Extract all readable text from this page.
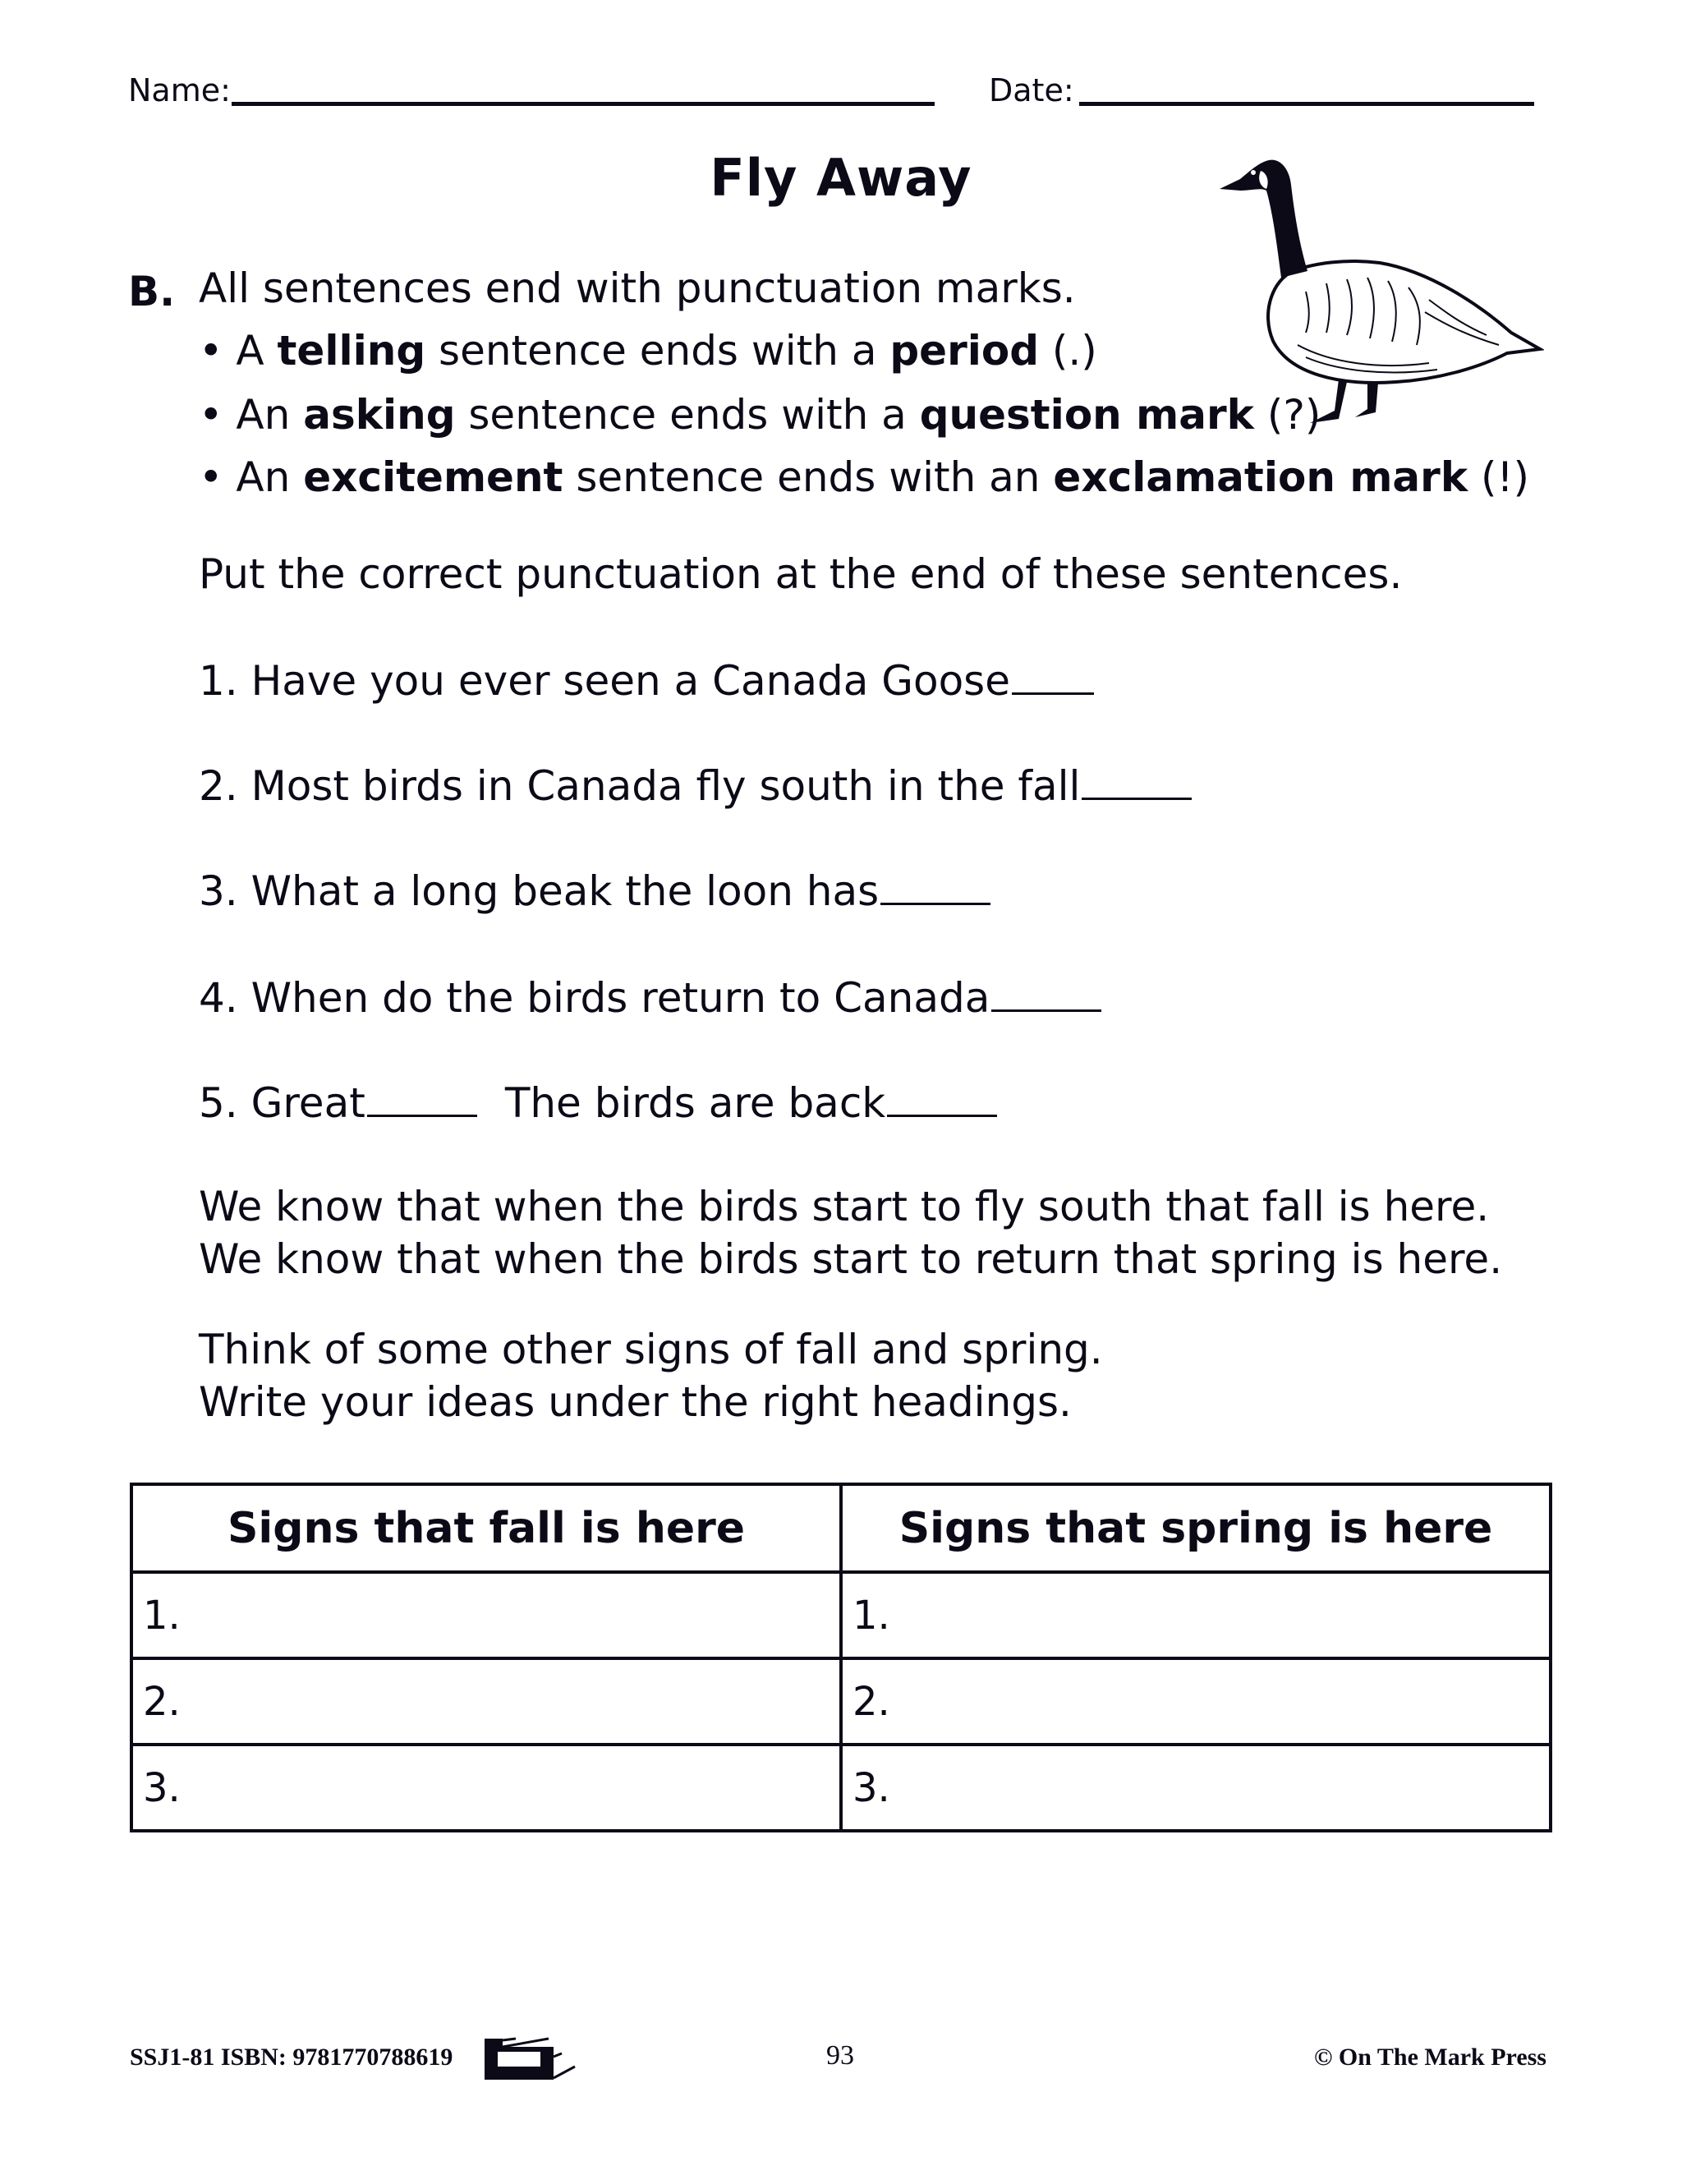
Name:	Date:
Fly Away
B. All sentences end with punctuation marks.
• A telling sentence ends with a period (.)
• An asking sentence ends with a question mark (?)
• An excitement sentence ends with an exclamation mark (!)
Put the correct punctuation at the end of these sentences.
1. Have you ever seen a Canada Goose
2. Most birds in Canada fly south in the fall
3. What a long beak the loon has
4. When do the birds return to Canada
5. Great	The birds are back
We know that when the birds start to fly south that fall is here.
We know that when the birds start to return that spring is here.
Think of some other signs of fall and spring.
Write your ideas under the right headings.
Signs that fall is here	Signs that spring is here
1.	1.
2.	2.
3.	3.
SSJ1-81 ISBN: 9781770788619	93	© On The Mark Press
